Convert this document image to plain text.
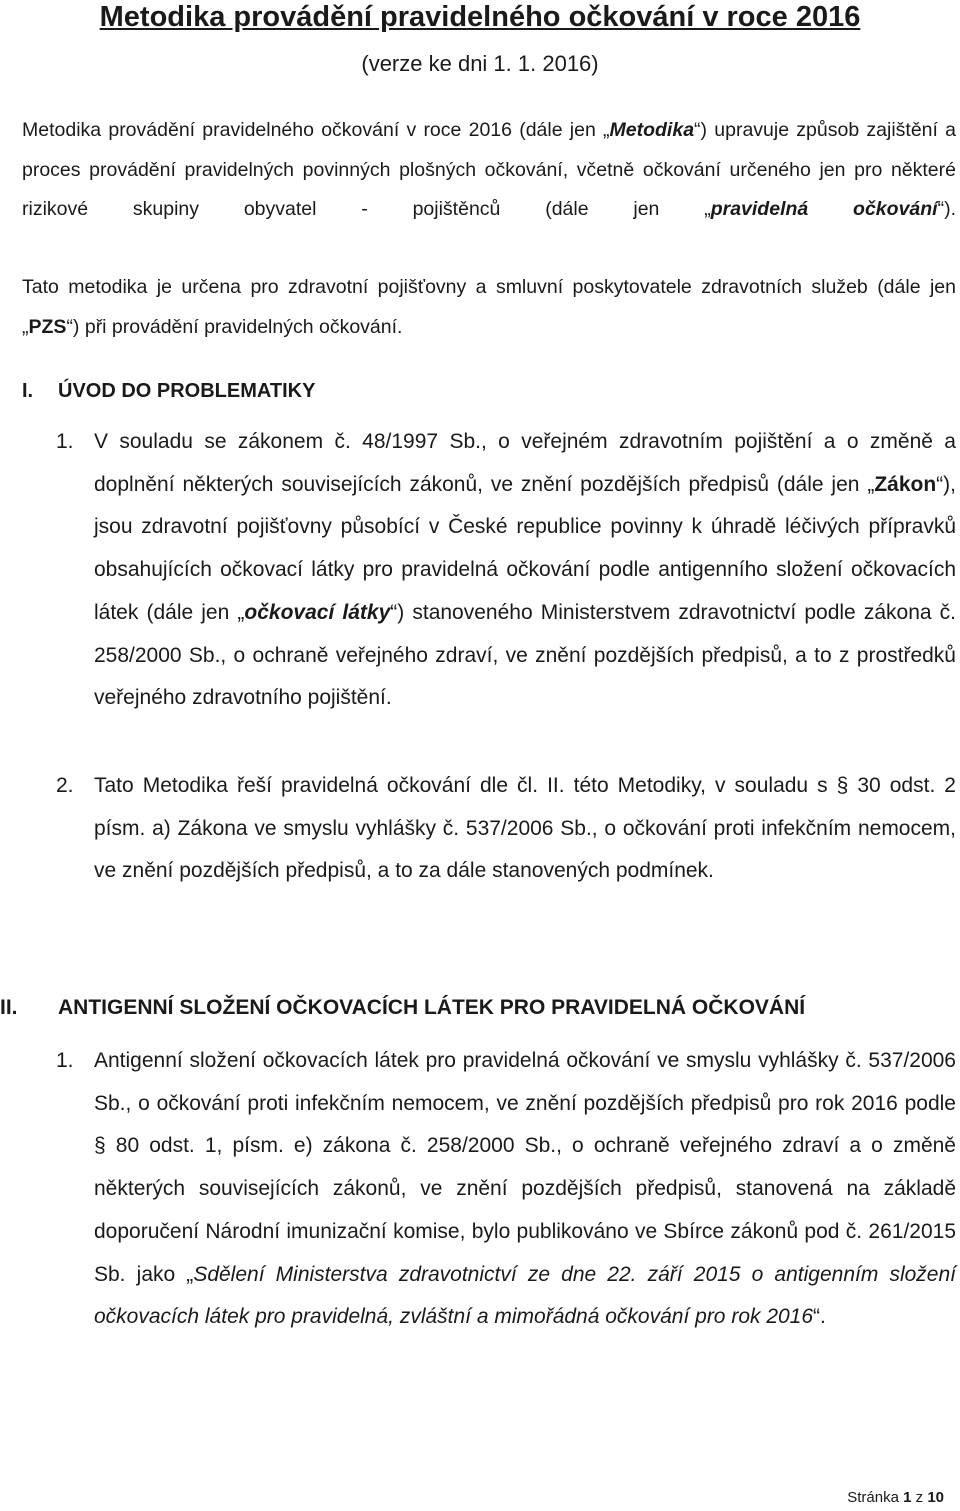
Metodika provádění pravidelného očkování v roce 2016
(verze ke dni 1. 1. 2016)

Metodika provádění pravidelného očkování v roce 2016 (dále jen „Metodika“) upravuje způsob zajištění a proces provádění pravidelných povinných plošných očkování, včetně očkování určeného jen pro některé rizikové skupiny obyvatel - pojištěnců (dále jen „pravidelná očkování“).

Tato metodika je určena pro zdravotní pojišťovny a smluvní poskytovatele zdravotních služeb (dále jen „PZS“) při provádění pravidelných očkování.

I. ÚVOD DO PROBLEMATIKY
1. V souladu se zákonem č. 48/1997 Sb., o veřejném zdravotním pojištění a o změně a doplnění některých souvisejících zákonů, ve znění pozdějších předpisů (dále jen „Zákon“), jsou zdravotní pojišťovny působící v České republice povinny k úhradě léčivých přípravků obsahujících očkovací látky pro pravidelná očkování podle antigenního složení očkovacích látek (dále jen „očkovací látky“) stanoveného Ministerstvem zdravotnictví podle zákona č. 258/2000 Sb., o ochraně veřejného zdraví, ve znění pozdějších předpisů, a to z prostředků veřejného zdravotního pojištění.
2. Tato Metodika řeší pravidelná očkování dle čl. II. této Metodiky, v souladu s § 30 odst. 2 písm. a) Zákona ve smyslu vyhlášky č. 537/2006 Sb., o očkování proti infekčním nemocem, ve znění pozdějších předpisů, a to za dále stanovených podmínek.
II. ANTIGENNÍ SLOŽENÍ OČKOVACÍCH LÁTEK PRO PRAVIDELNÁ OČKOVÁNÍ
1. Antigenní složení očkovacích látek pro pravidelná očkování ve smyslu vyhlášky č. 537/2006 Sb., o očkování proti infekčním nemocem, ve znění pozdějších předpisů pro rok 2016 podle § 80 odst. 1, písm. e) zákona č. 258/2000 Sb., o ochraně veřejného zdraví a o změně některých souvisejících zákonů, ve znění pozdějších předpisů, stanovená na základě doporučení Národní imunizační komise, bylo publikováno ve Sbírce zákonů pod č. 261/2015 Sb. jako „Sdělení Ministerstva zdravotnictví ze dne 22. září 2015 o antigenním složení očkovacích látek pro pravidelná, zvláštní a mimořádná očkování pro rok 2016“.
Stránka 1 z 10
